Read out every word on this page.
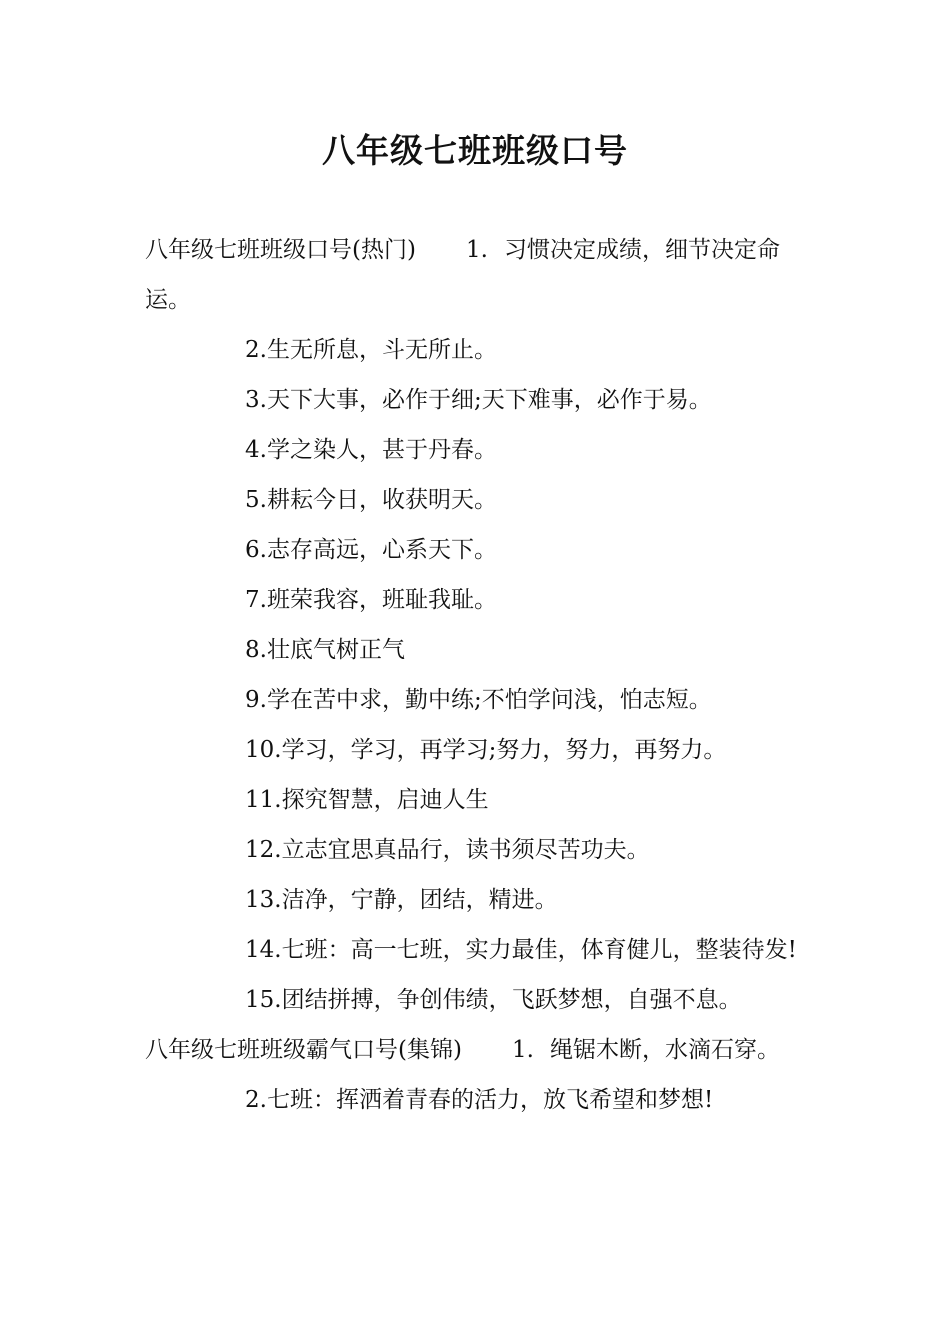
八年级七班班级口号

八年级七班班级口号(热门) 1. 习惯决定成绩，细节决定命运。

2.生无所息，斗无所止。

3.天下大事，必作于细;天下难事，必作于易。

4.学之染人，甚于丹春。

5.耕耘今日，收获明天。

6.志存高远，心系天下。

7.班荣我容，班耻我耻。

8.壮底气树正气

9.学在苦中求，勤中练;不怕学问浅，怕志短。

10.学习，学习，再学习;努力，努力，再努力。

11.探究智慧，启迪人生

12.立志宜思真品行，读书须尽苦功夫。

13.洁净，宁静，团结，精进。

14.七班：高一七班，实力最佳，体育健儿，整装待发!

15.团结拼搏，争创伟绩，飞跃梦想，自强不息。

八年级七班班级霸气口号(集锦) 1. 绳锯木断，水滴石穿。

2.七班：挥洒着青春的活力，放飞希望和梦想!
